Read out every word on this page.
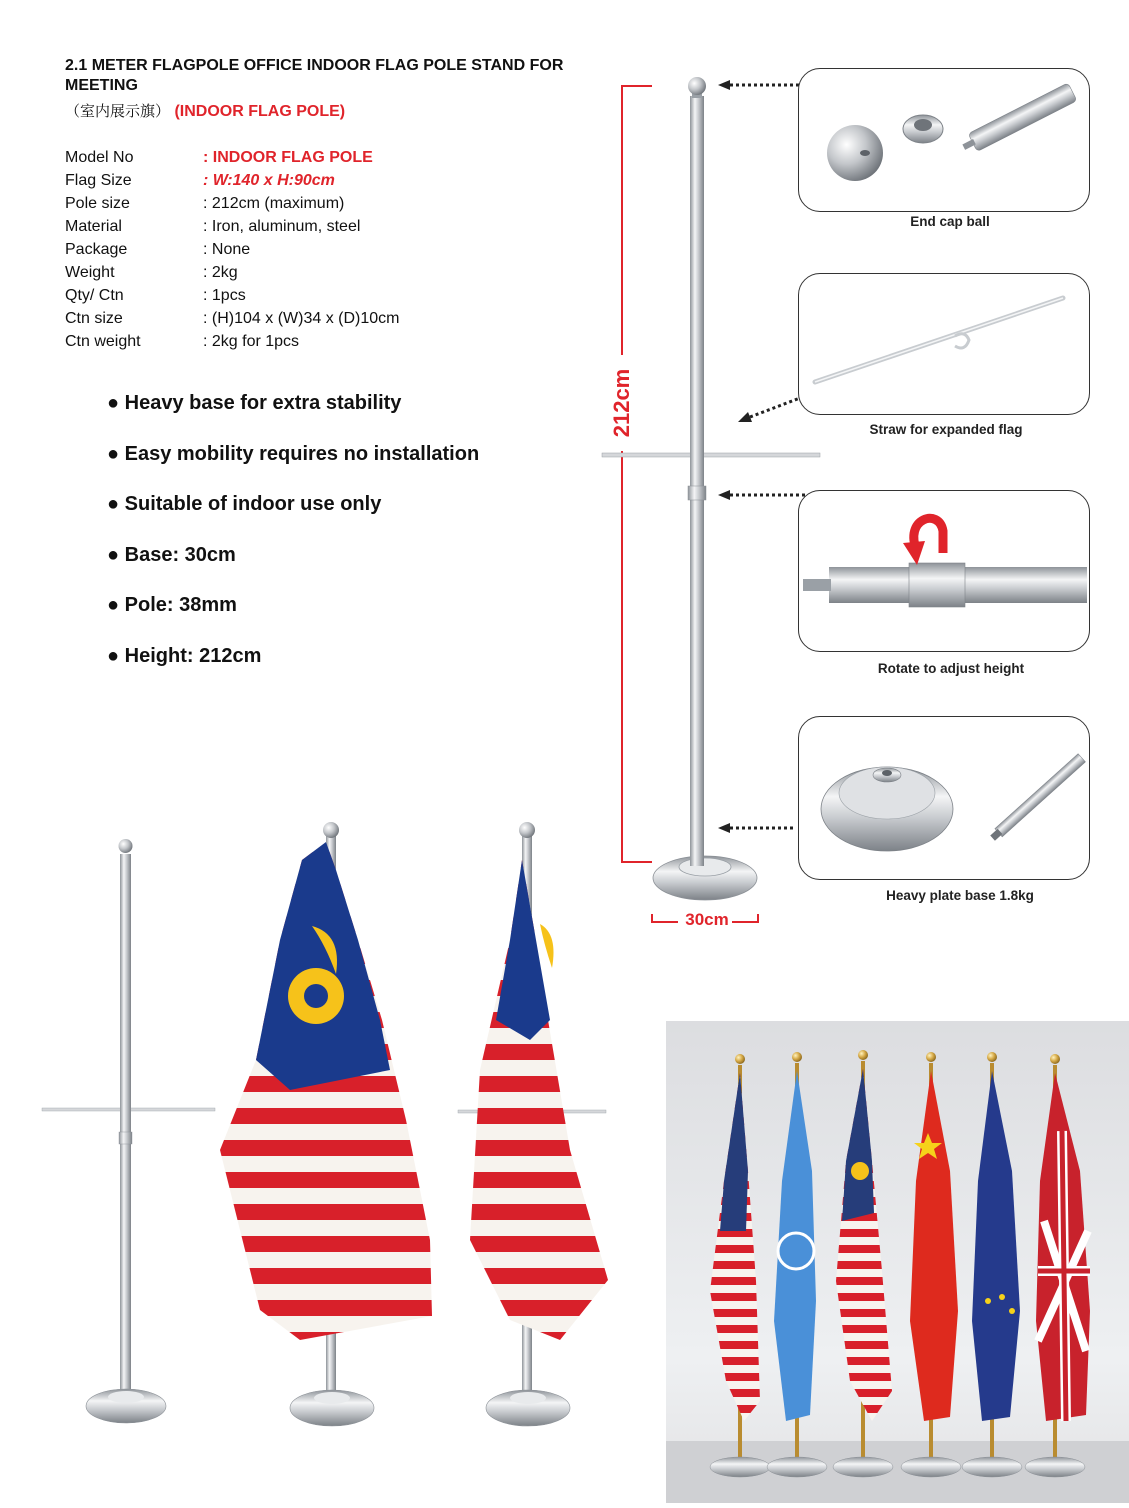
2.1 METER FLAGPOLE OFFICE INDOOR FLAG POLE STAND FOR MEETING
（室内展示旗） (INDOOR FLAG POLE)
Model No	: INDOOR FLAG POLE
Flag Size	: W:140 x H:90cm
Pole size	: 212cm (maximum)
Material	: Iron, aluminum, steel
Package	: None
Weight	: 2kg
Qty/ Ctn	: 1pcs
Ctn size	: (H)104 x (W)34 x (D)10cm
Ctn weight	: 2kg for 1pcs
● Heavy base for extra stability
● Easy mobility requires no installation
● Suitable of indoor use only
● Base: 30cm
● Pole: 38mm
● Height: 212cm
212cm
30cm
End cap ball
Straw for expanded flag
Rotate to adjust height
Heavy plate base 1.8kg
